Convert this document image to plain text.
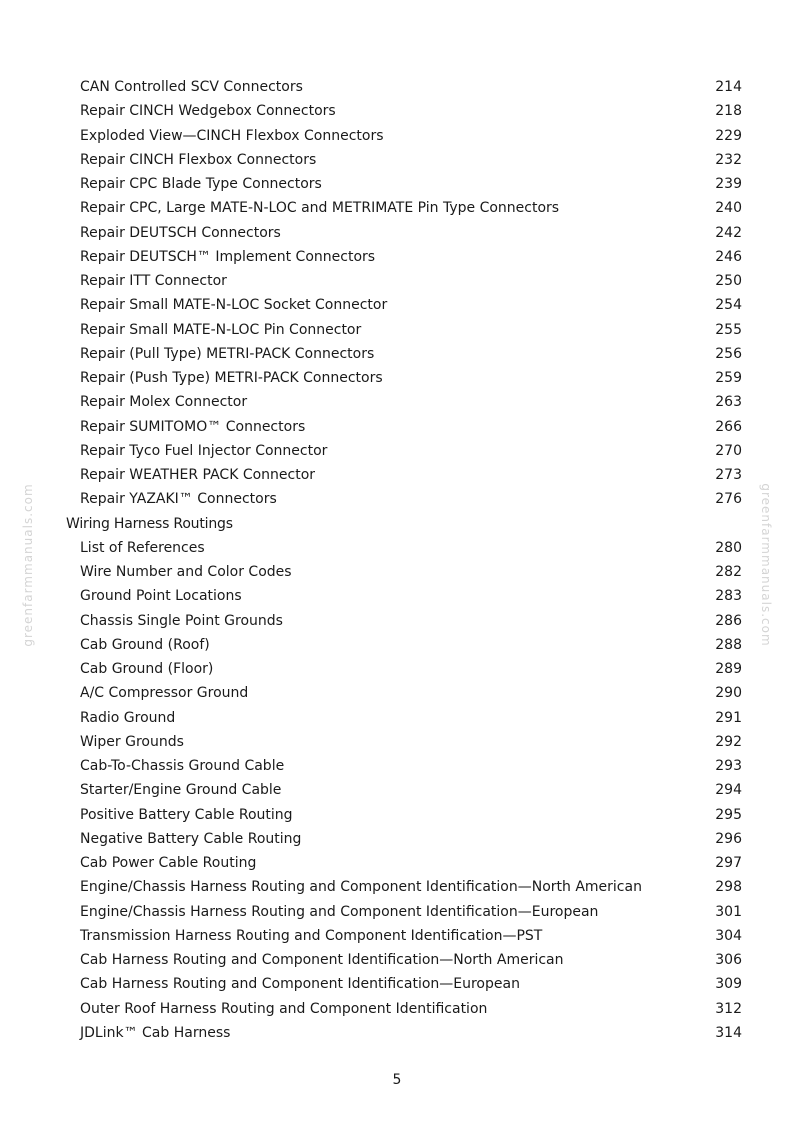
greenfarmmanuals.com	greenfarmmanuals.com
CAN Controlled SCV Connectors	214
Repair CINCH Wedgebox Connectors	218
Exploded View—CINCH Flexbox Connectors	229
Repair CINCH Flexbox Connectors	232
Repair CPC Blade Type Connectors	239
Repair CPC, Large MATE-N-LOC and METRIMATE Pin Type Connectors	240
Repair DEUTSCH Connectors	242
Repair DEUTSCH™ Implement Connectors	246
Repair ITT Connector	250
Repair Small MATE-N-LOC Socket Connector	254
Repair Small MATE-N-LOC Pin Connector	255
Repair (Pull Type) METRI-PACK Connectors	256
Repair (Push Type) METRI-PACK Connectors	259
Repair Molex Connector	263
Repair SUMITOMO™ Connectors	266
Repair Tyco Fuel Injector Connector	270
Repair WEATHER PACK Connector	273
Repair YAZAKI™ Connectors	276
Wiring Harness Routings
List of References	280
Wire Number and Color Codes	282
Ground Point Locations	283
Chassis Single Point Grounds	286
Cab Ground (Roof)	288
Cab Ground (Floor)	289
A/C Compressor Ground	290
Radio Ground	291
Wiper Grounds	292
Cab-To-Chassis Ground Cable	293
Starter/Engine Ground Cable	294
Positive Battery Cable Routing	295
Negative Battery Cable Routing	296
Cab Power Cable Routing	297
Engine/Chassis Harness Routing and Component Identification—North American	298
Engine/Chassis Harness Routing and Component Identification—European	301
Transmission Harness Routing and Component Identification—PST	304
Cab Harness Routing and Component Identification—North American	306
Cab Harness Routing and Component Identification—European	309
Outer Roof Harness Routing and Component Identification	312
JDLink™ Cab Harness	314
5
